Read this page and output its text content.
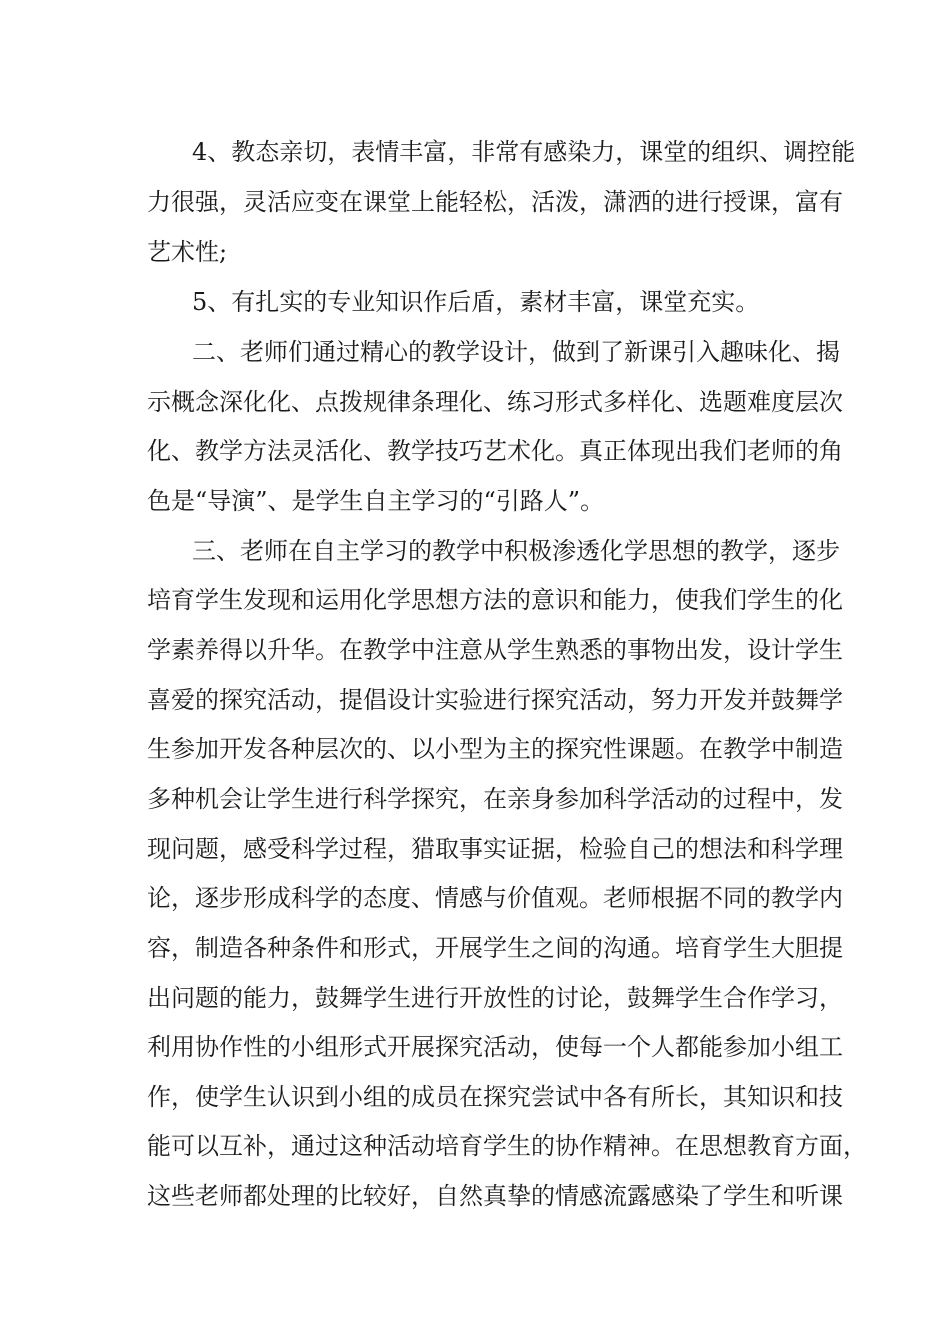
4、教态亲切，表情丰富，非常有感染力，课堂的组织、调控能
力很强，灵活应变在课堂上能轻松，活泼，潇洒的进行授课，富有
艺术性;
5、有扎实的专业知识作后盾，素材丰富，课堂充实。
二、老师们通过精心的教学设计，做到了新课引入趣味化、揭
示概念深化化、点拨规律条理化、练习形式多样化、选题难度层次
化、教学方法灵活化、教学技巧艺术化。真正体现出我们老师的角
色是“导演”、是学生自主学习的“引路人”。
三、老师在自主学习的教学中积极渗透化学思想的教学，逐步
培育学生发现和运用化学思想方法的意识和能力，使我们学生的化
学素养得以升华。在教学中注意从学生熟悉的事物出发，设计学生
喜爱的探究活动，提倡设计实验进行探究活动，努力开发并鼓舞学
生参加开发各种层次的、以小型为主的探究性课题。在教学中制造
多种机会让学生进行科学探究，在亲身参加科学活动的过程中，发
现问题，感受科学过程，猎取事实证据，检验自己的想法和科学理
论，逐步形成科学的态度、情感与价值观。老师根据不同的教学内
容，制造各种条件和形式，开展学生之间的沟通。培育学生大胆提
出问题的能力，鼓舞学生进行开放性的讨论，鼓舞学生合作学习，
利用协作性的小组形式开展探究活动，使每一个人都能参加小组工
作，使学生认识到小组的成员在探究尝试中各有所长，其知识和技
能可以互补，通过这种活动培育学生的协作精神。在思想教育方面，
这些老师都处理的比较好，自然真挚的情感流露感染了学生和听课
